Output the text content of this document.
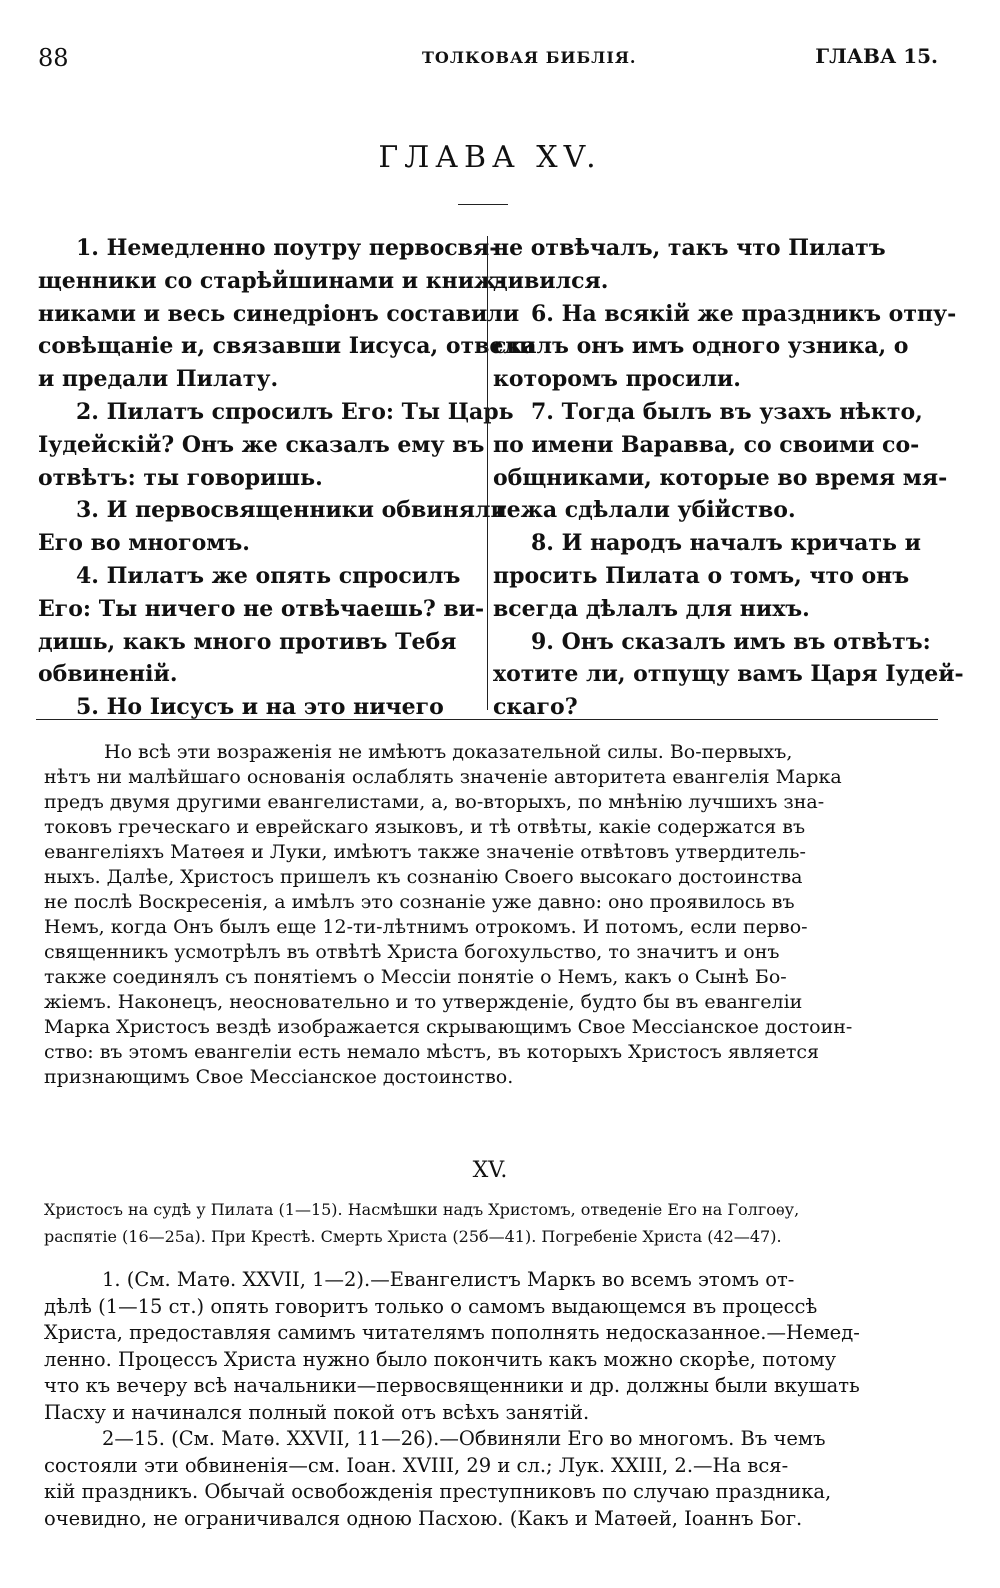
88	ТОЛКОВАЯ БИБЛІЯ.	ГЛАВА 15.
ГЛАВА XV.
1. Немедленно поутру первосвя-
щенники со старѣйшинами и книж-
никами и весь синедріонъ составили
совѣщаніе и, связавши Іисуса, отвели
и предали Пилату.
2. Пилатъ спросилъ Его: Ты Царь
Іудейскій? Онъ же сказалъ ему въ
отвѣтъ: ты говоришь.
3. И первосвященники обвиняли
Его во многомъ.
4. Пилатъ же опять спросилъ
Его: Ты ничего не отвѣчаешь? ви-
дишь, какъ много противъ Тебя
обвиненій.
5. Но Іисусъ и на это ничего
не отвѣчалъ, такъ что Пилатъ
дивился.
6. На всякій же праздникъ отпу-
скалъ онъ имъ одного узника, о
которомъ просили.
7. Тогда былъ въ узахъ нѣкто,
по имени Варавва, со своими со-
общниками, которые во время мя-
тежа сдѣлали убійство.
8. И народъ началъ кричать и
просить Пилата о томъ, что онъ
всегда дѣлалъ для нихъ.
9. Онъ сказалъ имъ въ отвѣтъ:
хотите ли, отпущу вамъ Царя Іудей-
скаго?
Но всѣ эти возраженія не имѣютъ доказательной силы. Во-первыхъ,
нѣтъ ни малѣйшаго основанія ослаблять значеніе авторитета евангелія Марка
предъ двумя другими евангелистами, а, во-вторыхъ, по мнѣнію лучшихъ зна-
токовъ греческаго и еврейскаго языковъ, и тѣ отвѣты, какіе содержатся въ
евангеліяхъ Матѳея и Луки, имѣютъ также значеніе отвѣтовъ утвердитель-
ныхъ. Далѣе, Христосъ пришелъ къ сознанію Своего высокаго достоинства
не послѣ Воскресенія, а имѣлъ это сознаніе уже давно: оно проявилось въ
Немъ, когда Онъ былъ еще 12-ти-лѣтнимъ отрокомъ. И потомъ, если перво-
священникъ усмотрѣлъ въ отвѣтѣ Христа богохульство, то значитъ и онъ
также соединялъ съ понятіемъ о Мессіи понятіе о Немъ, какъ о Сынѣ Бо-
жіемъ. Наконецъ, неосновательно и то утвержденіе, будто бы въ евангеліи
Марка Христосъ вездѣ изображается скрывающимъ Свое Мессіанское достоин-
ство: въ этомъ евангеліи есть немало мѣстъ, въ которыхъ Христосъ является
признающимъ Свое Мессіанское достоинство.
XV.
Христосъ на судѣ у Пилата (1—15). Насмѣшки надъ Христомъ, отведеніе Его на Голгоѳу,
распятіе (16—25а). При Крестѣ. Смерть Христа (25б—41). Погребеніе Христа (42—47).
1. (См. Матѳ. XXVII, 1—2).—Евангелистъ Маркъ во всемъ этомъ от-
дѣлѣ (1—15 ст.) опять говоритъ только о самомъ выдающемся въ процессѣ
Христа, предоставляя самимъ читателямъ пополнять недосказанное.—Немед-
ленно. Процессъ Христа нужно было покончить какъ можно скорѣе, потому
что къ вечеру всѣ начальники—первосвященники и др. должны были вкушать
Пасху и начинался полный покой отъ всѣхъ занятій.
2—15. (См. Матѳ. XXVII, 11—26).—Обвиняли Его во многомъ. Въ чемъ
состояли эти обвиненія—см. Іоан. XVIII, 29 и сл.; Лук. XXIII, 2.—На вся-
кій праздникъ. Обычай освобожденія преступниковъ по случаю праздника,
очевидно, не ограничивался одною Пасхою. (Какъ и Матѳей, Іоаннъ Бог.
